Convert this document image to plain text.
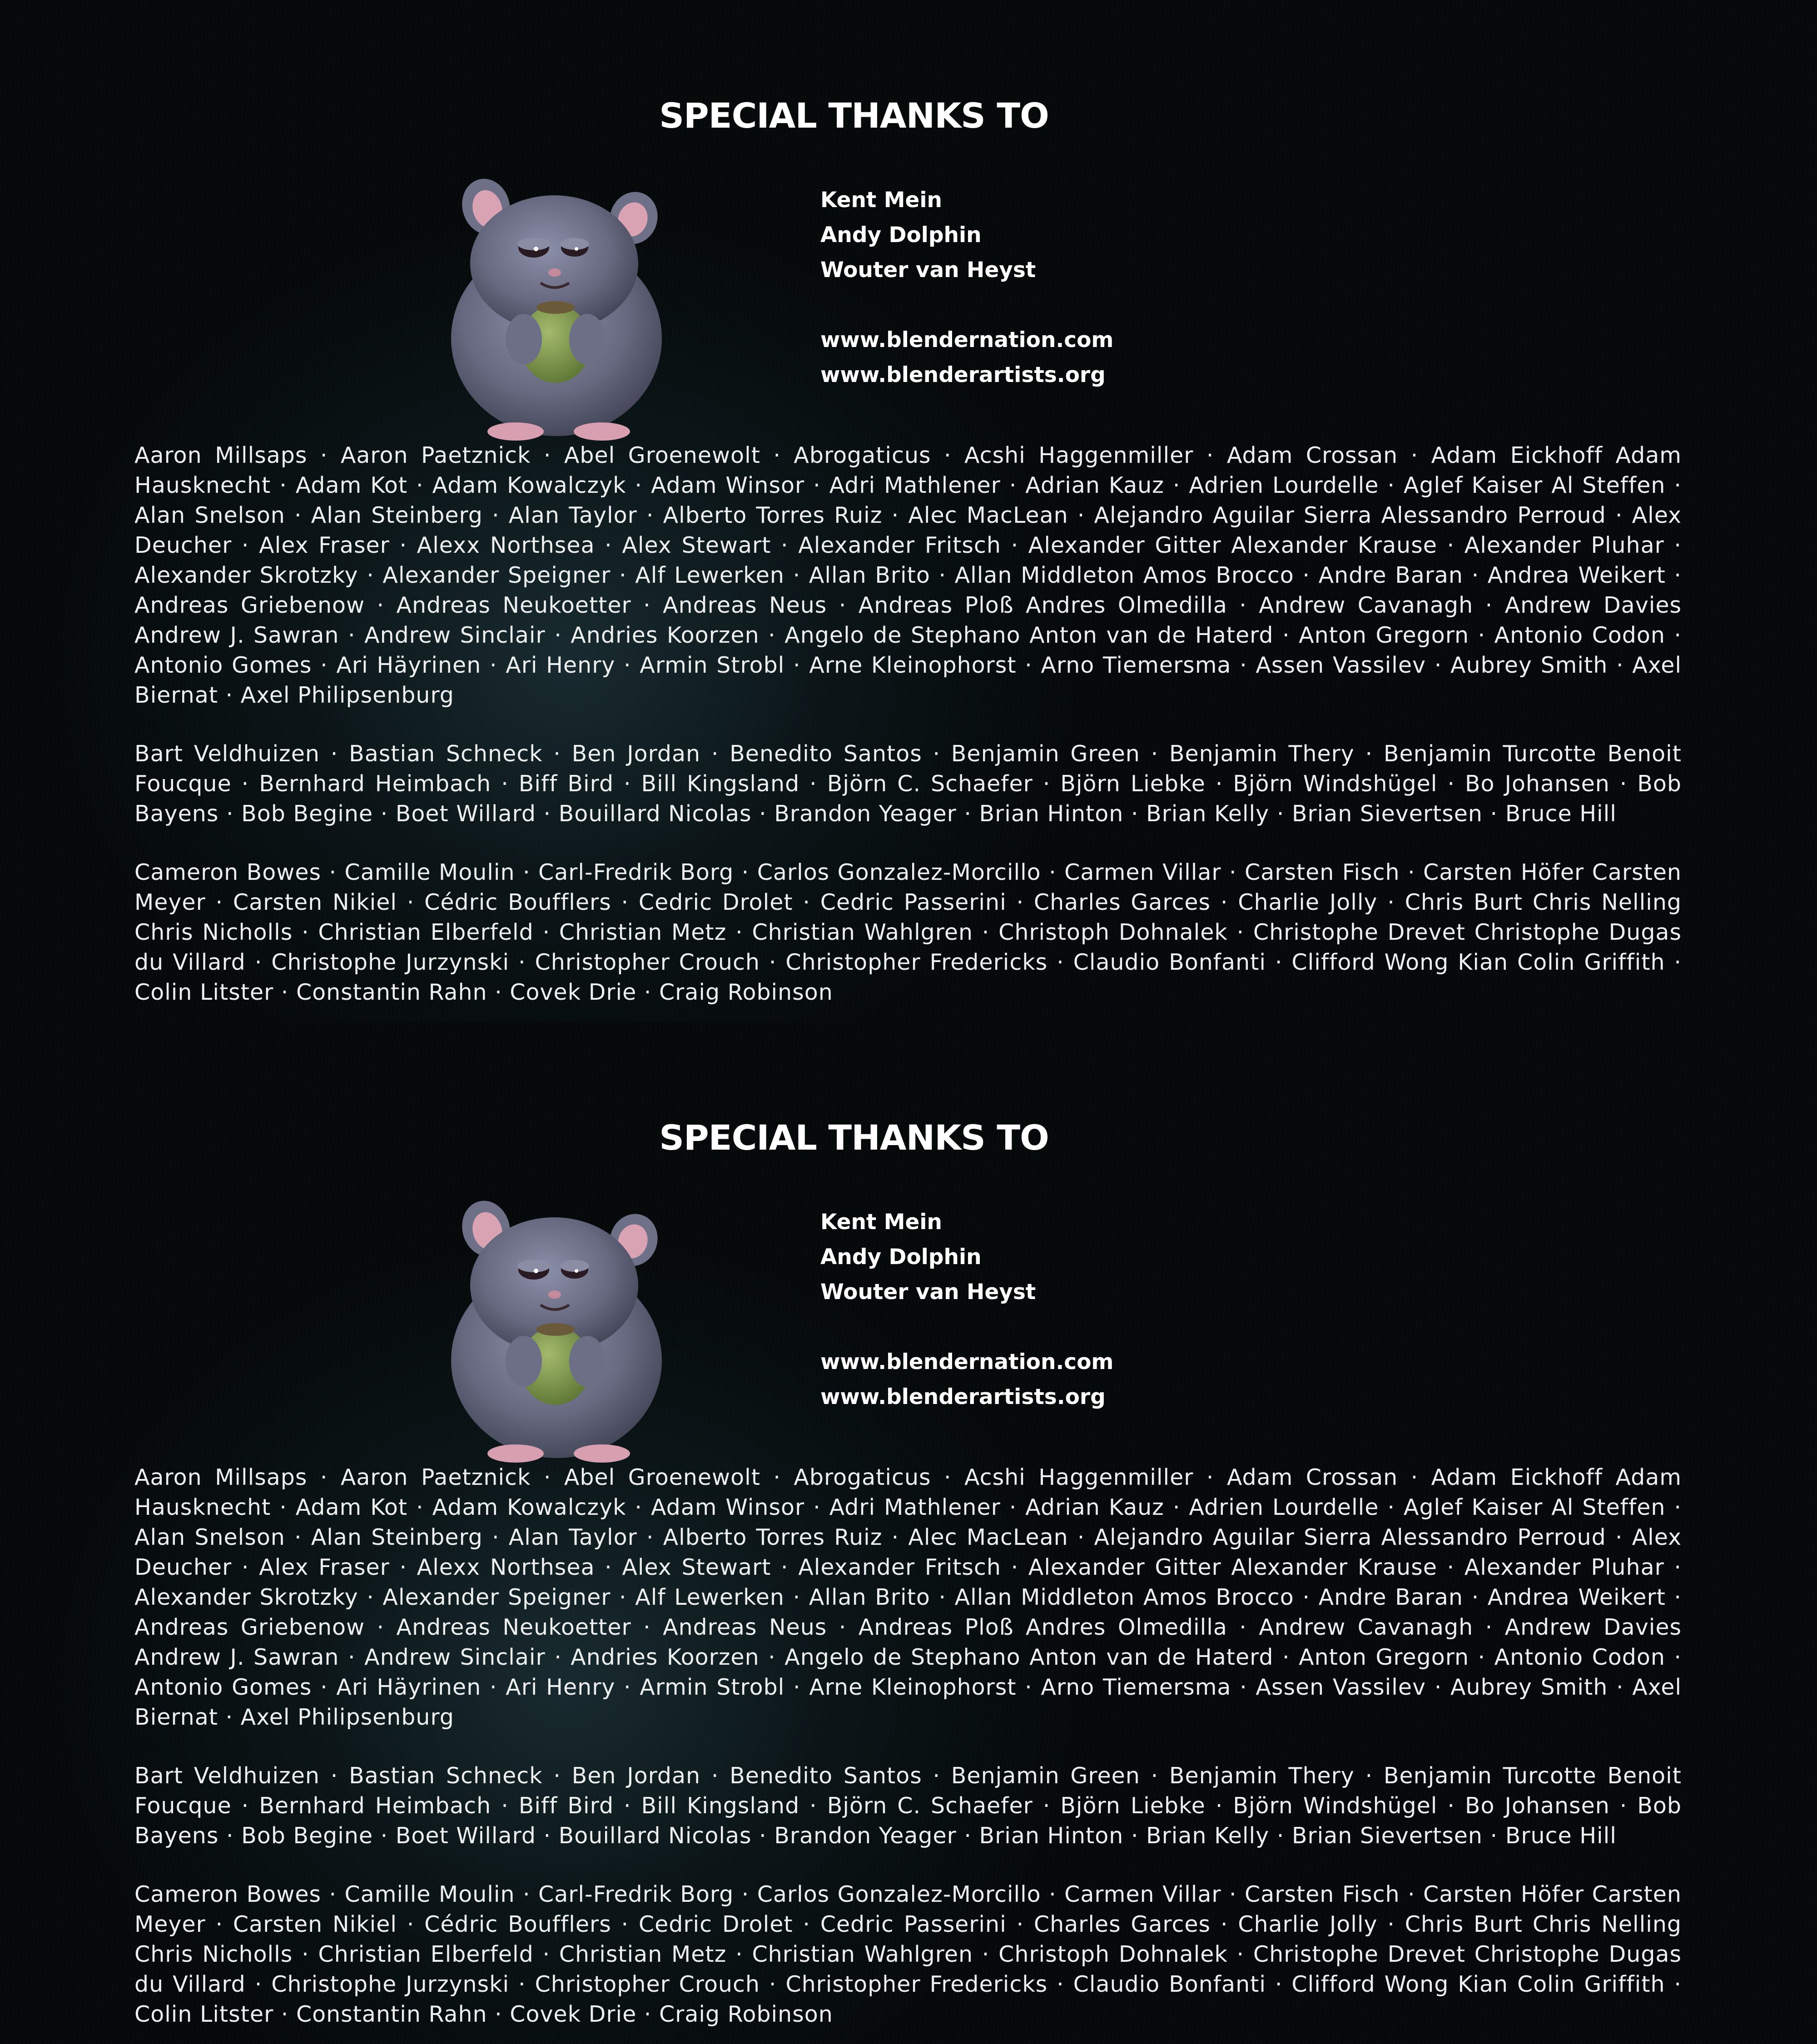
SPECIAL THANKS TO
Kent Mein
Andy Dolphin
Wouter van Heyst
www.blendernation.com
www.blenderartists.org

Aaron Millsaps · Aaron Paetznick · Abel Groenewolt · Abrogaticus · Acshi Haggenmiller · Adam Crossan · Adam Eickhoff Adam Hausknecht · Adam Kot · Adam Kowalczyk · Adam Winsor · Adri Mathlener · Adrian Kauz · Adrien Lourdelle · Aglef Kaiser Al Steffen · Alan Snelson · Alan Steinberg · Alan Taylor · Alberto Torres Ruiz · Alec MacLean · Alejandro Aguilar Sierra Alessandro Perroud · Alex Deucher · Alex Fraser · Alexx Northsea · Alex Stewart · Alexander Fritsch · Alexander Gitter Alexander Krause · Alexander Pluhar · Alexander Skrotzky · Alexander Speigner · Alf Lewerken · Allan Brito · Allan Middleton Amos Brocco · Andre Baran · Andrea Weikert · Andreas Griebenow · Andreas Neukoetter · Andreas Neus · Andreas Ploß Andres Olmedilla · Andrew Cavanagh · Andrew Davies Andrew J. Sawran · Andrew Sinclair · Andries Koorzen · Angelo de Stephano Anton van de Haterd · Anton Gregorn · Antonio Codon · Antonio Gomes · Ari Häyrinen · Ari Henry · Armin Strobl · Arne Kleinophorst · Arno Tiemersma · Assen Vassilev · Aubrey Smith · Axel Biernat · Axel Philipsenburg

Bart Veldhuizen · Bastian Schneck · Ben Jordan · Benedito Santos · Benjamin Green · Benjamin Thery · Benjamin Turcotte Benoit Foucque · Bernhard Heimbach · Biff Bird · Bill Kingsland · Björn C. Schaefer · Björn Liebke · Björn Windshügel · Bo Johansen · Bob Bayens · Bob Begine · Boet Willard · Bouillard Nicolas · Brandon Yeager · Brian Hinton · Brian Kelly · Brian Sievertsen · Bruce Hill

Cameron Bowes · Camille Moulin · Carl-Fredrik Borg · Carlos Gonzalez-Morcillo · Carmen Villar · Carsten Fisch · Carsten Höfer Carsten Meyer · Carsten Nikiel · Cédric Boufflers · Cedric Drolet · Cedric Passerini · Charles Garces · Charlie Jolly · Chris Burt Chris Nelling Chris Nicholls · Christian Elberfeld · Christian Metz · Christian Wahlgren · Christoph Dohnalek · Christophe Drevet Christophe Dugas du Villard · Christophe Jurzynski · Christopher Crouch · Christopher Fredericks · Claudio Bonfanti · Clifford Wong Kian Colin Griffith · Colin Litster · Constantin Rahn · Covek Drie · Craig Robinson

SPECIAL THANKS TO
Kent Mein
Andy Dolphin
Wouter van Heyst
www.blendernation.com
www.blenderartists.org

Aaron Millsaps · Aaron Paetznick · Abel Groenewolt · Abrogaticus · Acshi Haggenmiller · Adam Crossan · Adam Eickhoff Adam Hausknecht · Adam Kot · Adam Kowalczyk · Adam Winsor · Adri Mathlener · Adrian Kauz · Adrien Lourdelle · Aglef Kaiser Al Steffen · Alan Snelson · Alan Steinberg · Alan Taylor · Alberto Torres Ruiz · Alec MacLean · Alejandro Aguilar Sierra Alessandro Perroud · Alex Deucher · Alex Fraser · Alexx Northsea · Alex Stewart · Alexander Fritsch · Alexander Gitter Alexander Krause · Alexander Pluhar · Alexander Skrotzky · Alexander Speigner · Alf Lewerken · Allan Brito · Allan Middleton Amos Brocco · Andre Baran · Andrea Weikert · Andreas Griebenow · Andreas Neukoetter · Andreas Neus · Andreas Ploß Andres Olmedilla · Andrew Cavanagh · Andrew Davies Andrew J. Sawran · Andrew Sinclair · Andries Koorzen · Angelo de Stephano Anton van de Haterd · Anton Gregorn · Antonio Codon · Antonio Gomes · Ari Häyrinen · Ari Henry · Armin Strobl · Arne Kleinophorst · Arno Tiemersma · Assen Vassilev · Aubrey Smith · Axel Biernat · Axel Philipsenburg

Bart Veldhuizen · Bastian Schneck · Ben Jordan · Benedito Santos · Benjamin Green · Benjamin Thery · Benjamin Turcotte Benoit Foucque · Bernhard Heimbach · Biff Bird · Bill Kingsland · Björn C. Schaefer · Björn Liebke · Björn Windshügel · Bo Johansen · Bob Bayens · Bob Begine · Boet Willard · Bouillard Nicolas · Brandon Yeager · Brian Hinton · Brian Kelly · Brian Sievertsen · Bruce Hill

Cameron Bowes · Camille Moulin · Carl-Fredrik Borg · Carlos Gonzalez-Morcillo · Carmen Villar · Carsten Fisch · Carsten Höfer Carsten Meyer · Carsten Nikiel · Cédric Boufflers · Cedric Drolet · Cedric Passerini · Charles Garces · Charlie Jolly · Chris Burt Chris Nelling Chris Nicholls · Christian Elberfeld · Christian Metz · Christian Wahlgren · Christoph Dohnalek · Christophe Drevet Christophe Dugas du Villard · Christophe Jurzynski · Christopher Crouch · Christopher Fredericks · Claudio Bonfanti · Clifford Wong Kian Colin Griffith · Colin Litster · Constantin Rahn · Covek Drie · Craig Robinson
